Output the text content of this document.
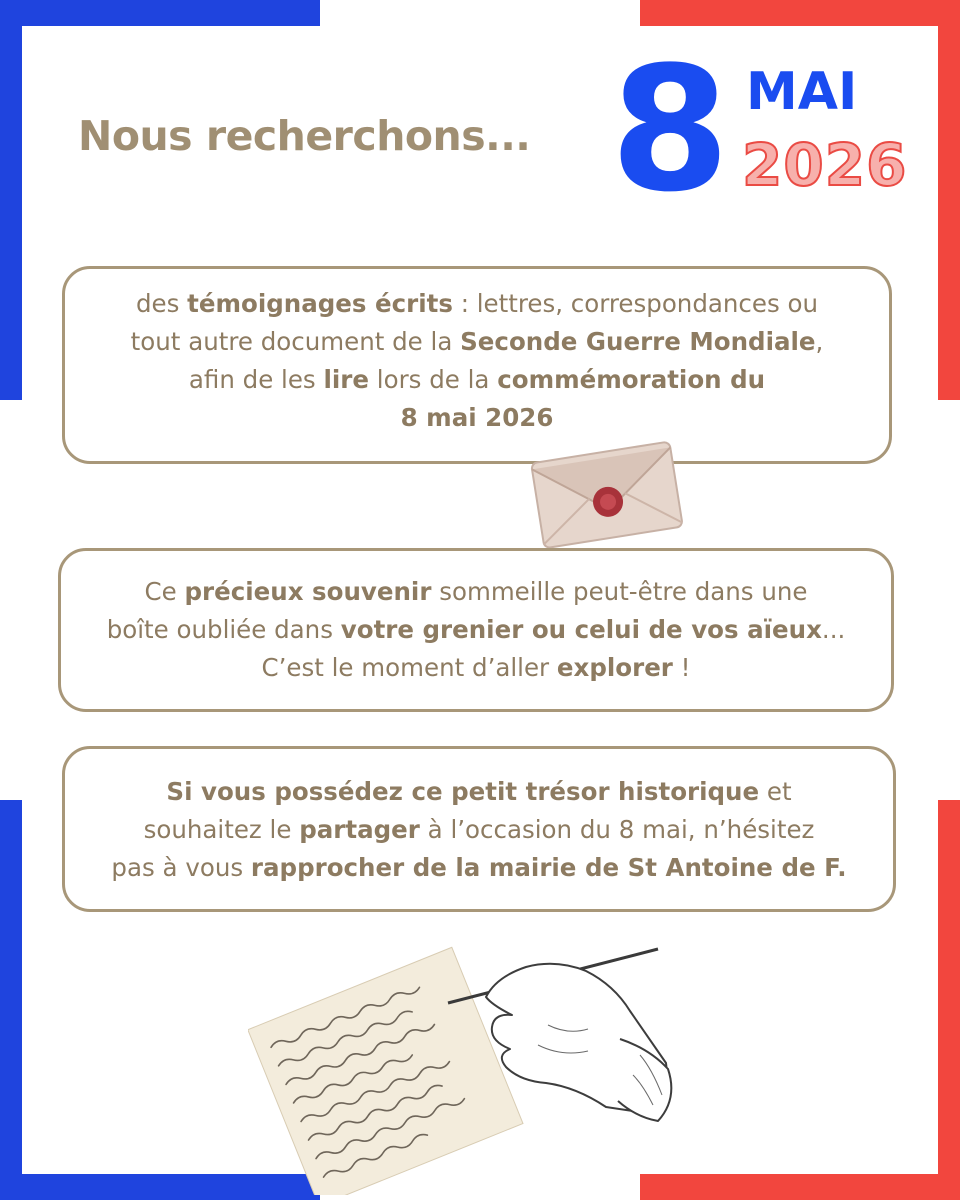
Nous recherchons... 8 MAI
2026
des témoignages écrits : lettres, correspondances ou
tout autre document de la Seconde Guerre Mondiale,
afin de les lire lors de la commémoration du
8 mai 2026
Ce précieux souvenir sommeille peut-être dans une
boîte oubliée dans votre grenier ou celui de vos aïeux...
C’est le moment d’aller explorer !
Si vous possédez ce petit trésor historique et
souhaitez le partager à l’occasion du 8 mai, n’hésitez
pas à vous rapprocher de la mairie de St Antoine de F.
